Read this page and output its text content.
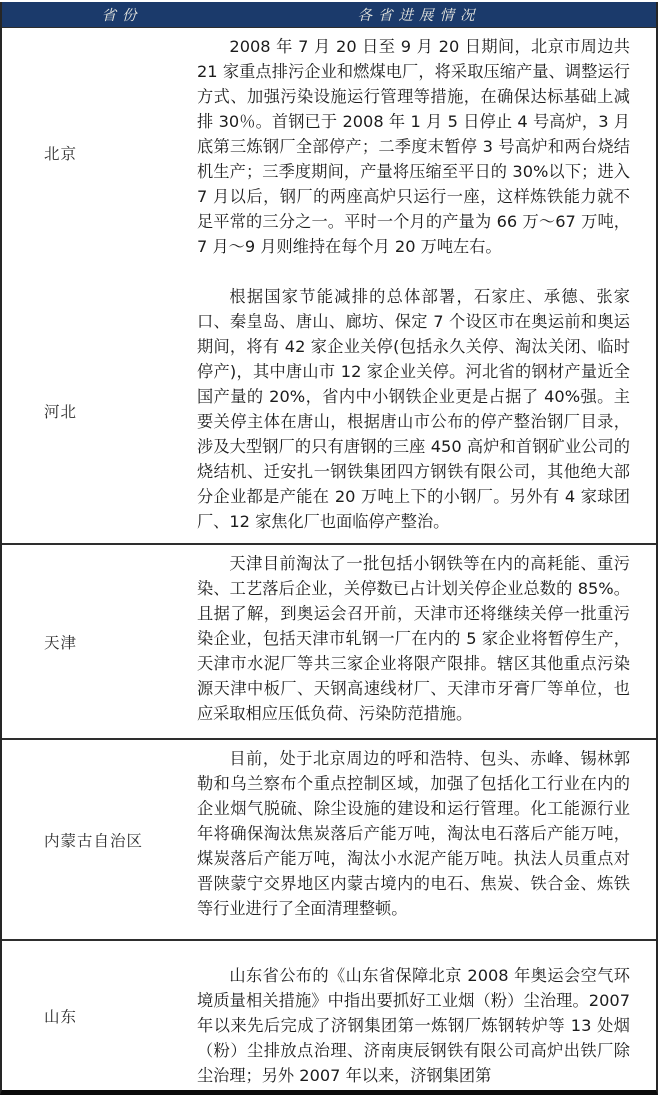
省份	各省进展情况
北京

2008 年 7 月 20 日至 9 月 20 日期间，北京市周边共 21 家重点排污企业和燃煤电厂，将采取压缩产量、调整运行方式、加强污染设施运行管理等措施，在确保达标基础上减排 30％。首钢已于 2008 年 1 月 5 日停止 4 号高炉，3 月底第三炼钢厂全部停产；二季度末暂停 3 号高炉和两台烧结机生产；三季度期间，产量将压缩至平日的 30%以下；进入 7 月以后，钢厂的两座高炉只运行一座，这样炼铁能力就不足平常的三分之一。平时一个月的产量为 66 万～67 万吨，7 月～9 月则维持在每个月 20 万吨左右。

河北

根据国家节能减排的总体部署，石家庄、承德、张家口、秦皇岛、唐山、廊坊、保定 7 个设区市在奥运前和奥运期间，将有 42 家企业关停(包括永久关停、淘汰关闭、临时停产)，其中唐山市 12 家企业关停。河北省的钢材产量近全国产量的 20%，省内中小钢铁企业更是占据了 40%强。主要关停主体在唐山，根据唐山市公布的停产整治钢厂目录，涉及大型钢厂的只有唐钢的三座 450 高炉和首钢矿业公司的烧结机、迁安扎一钢铁集团四方钢铁有限公司，其他绝大部分企业都是产能在 20 万吨上下的小钢厂。另外有 4 家球团厂、12 家焦化厂也面临停产整治。

天津

天津目前淘汰了一批包括小钢铁等在内的高耗能、重污染、工艺落后企业，关停数已占计划关停企业总数的 85%。且据了解，到奥运会召开前，天津市还将继续关停一批重污染企业，包括天津市轧钢一厂在内的 5 家企业将暂停生产，天津市水泥厂等共三家企业将限产限排。辖区其他重点污染源天津中板厂、天钢高速线材厂、天津市牙膏厂等单位，也应采取相应压低负荷、污染防范措施。

内蒙古自治区

目前，处于北京周边的呼和浩特、包头、赤峰、锡林郭勒和乌兰察布个重点控制区域，加强了包括化工行业在内的企业烟气脱硫、除尘设施的建设和运行管理。化工能源行业年将确保淘汰焦炭落后产能万吨，淘汰电石落后产能万吨，煤炭落后产能万吨，淘汰小水泥产能万吨。执法人员重点对晋陕蒙宁交界地区内蒙古境内的电石、焦炭、铁合金、炼铁等行业进行了全面清理整顿。

山东

山东省公布的《山东省保障北京 2008 年奥运会空气环境质量相关措施》中指出要抓好工业烟（粉）尘治理。2007 年以来先后完成了济钢集团第一炼钢厂炼钢转炉等 13 处烟（粉）尘排放点治理、济南庚辰钢铁有限公司高炉出铁厂除尘治理；另外 2007 年以来，济钢集团第
